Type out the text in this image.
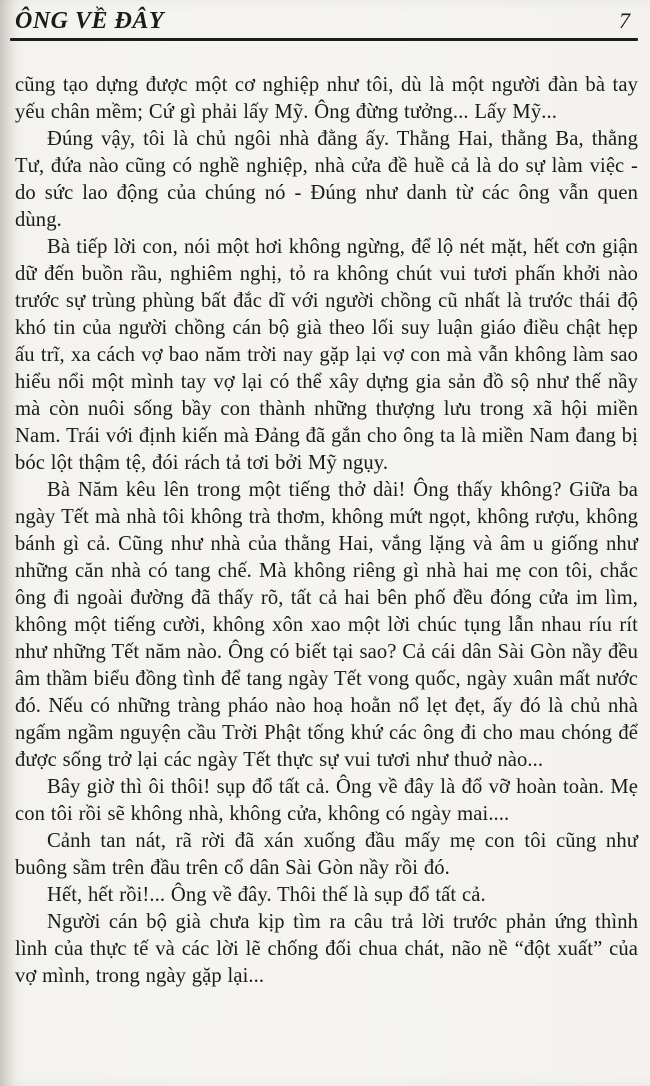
ÔNG VỀ ĐÂY	7

cũng tạo dựng được một cơ nghiệp như tôi, dù là một người đàn bà tay yếu chân mềm; Cứ gì phải lấy Mỹ. Ông đừng tưởng... Lấy Mỹ...

Đúng vậy, tôi là chủ ngôi nhà đằng ấy. Thằng Hai, thằng Ba, thằng Tư, đứa nào cũng có nghề nghiệp, nhà cửa đề huề cả là do sự làm việc - do sức lao động của chúng nó - Đúng như danh từ các ông vẫn quen dùng.

Bà tiếp lời con, nói một hơi không ngừng, để lộ nét mặt, hết cơn giận dữ đến buồn rầu, nghiêm nghị, tỏ ra không chút vui tươi phấn khởi nào trước sự trùng phùng bất đắc dĩ với người chồng cũ nhất là trước thái độ khó tin của người chồng cán bộ già theo lối suy luận giáo điều chật hẹp ấu trĩ, xa cách vợ bao năm trời nay gặp lại vợ con mà vẫn không làm sao hiểu nổi một mình tay vợ lại có thể xây dựng gia sản đồ sộ như thế nầy mà còn nuôi sống bầy con thành những thượng lưu trong xã hội miền Nam. Trái với định kiến mà Đảng đã gắn cho ông ta là miền Nam đang bị bóc lột thậm tệ, đói rách tả tơi bởi Mỹ ngụy.

Bà Năm kêu lên trong một tiếng thở dài! Ông thấy không? Giữa ba ngày Tết mà nhà tôi không trà thơm, không mứt ngọt, không rượu, không bánh gì cả. Cũng như nhà của thằng Hai, vắng lặng và âm u giống như những căn nhà có tang chế. Mà không riêng gì nhà hai mẹ con tôi, chắc ông đi ngoài đường đã thấy rõ, tất cả hai bên phố đều đóng cửa im lìm, không một tiếng cười, không xôn xao một lời chúc tụng lẫn nhau ríu rít như những Tết năm nào. Ông có biết tại sao? Cả cái dân Sài Gòn nầy đều âm thầm biểu đồng tình để tang ngày Tết vong quốc, ngày xuân mất nước đó. Nếu có những tràng pháo nào hoạ hoằn nổ lẹt đẹt, ấy đó là chủ nhà ngấm ngầm nguyện cầu Trời Phật tống khứ các ông đi cho mau chóng để được sống trở lại các ngày Tết thực sự vui tươi như thuở nào...

Bây giờ thì ôi thôi! sụp đổ tất cả. Ông về đây là đổ vỡ hoàn toàn. Mẹ con tôi rồi sẽ không nhà, không cửa, không có ngày mai....

Cảnh tan nát, rã rời đã xán xuống đầu mấy mẹ con tôi cũng như buông sầm trên đầu trên cổ dân Sài Gòn nầy rồi đó.

Hết, hết rồi!... Ông về đây. Thôi thế là sụp đổ tất cả.

Người cán bộ già chưa kịp tìm ra câu trả lời trước phản ứng thình lình của thực tế và các lời lẽ chống đối chua chát, não nề “đột xuất” của vợ mình, trong ngày gặp lại...
